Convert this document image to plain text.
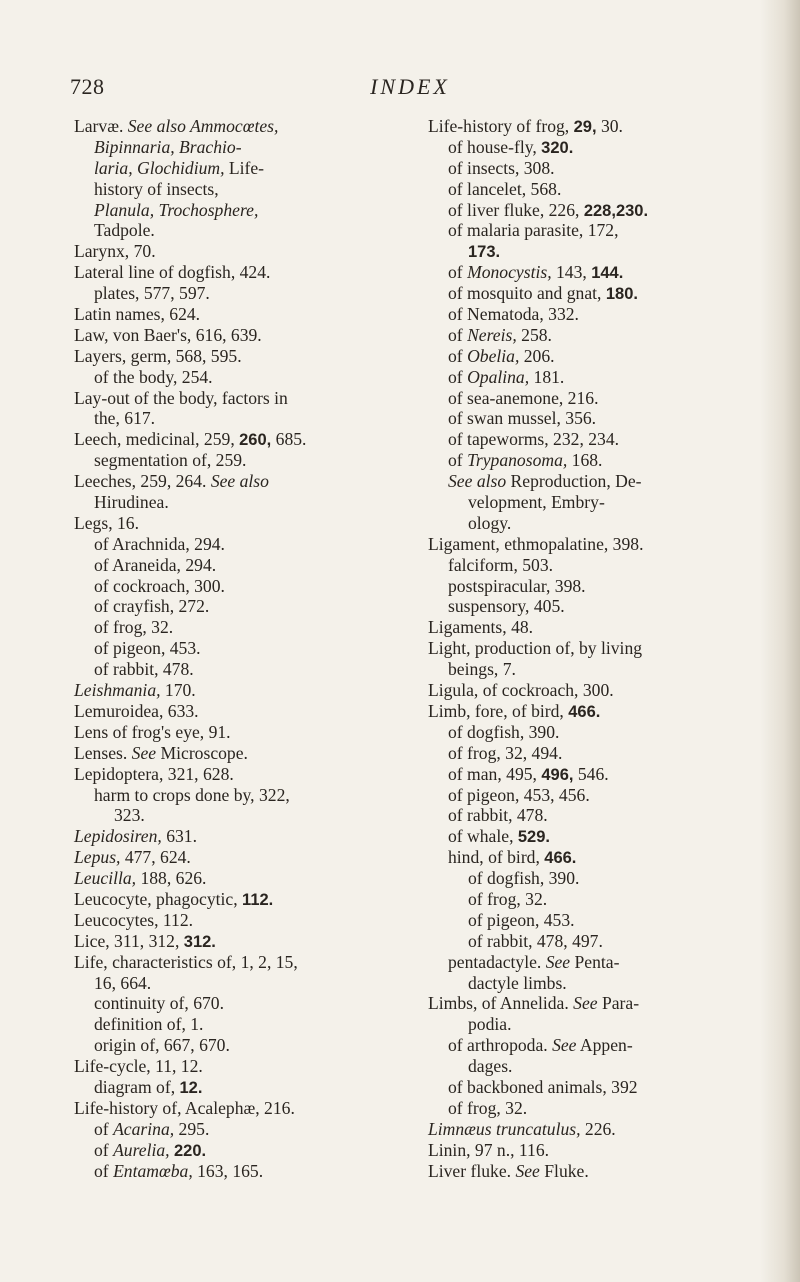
728	INDEX
Larvæ. See also Ammocœtes,
Bipinnaria, Brachio-
laria, Glochidium, Life-
history of insects,
Planula, Trochosphere,
Tadpole.
Larynx, 70.
Lateral line of dogfish, 424.
plates, 577, 597.
Latin names, 624.
Law, von Baer's, 616, 639.
Layers, germ, 568, 595.
of the body, 254.
Lay-out of the body, factors in
the, 617.
Leech, medicinal, 259, 260, 685.
segmentation of, 259.
Leeches, 259, 264. See also
Hirudinea.
Legs, 16.
of Arachnida, 294.
of Araneida, 294.
of cockroach, 300.
of crayfish, 272.
of frog, 32.
of pigeon, 453.
of rabbit, 478.
Leishmania, 170.
Lemuroidea, 633.
Lens of frog's eye, 91.
Lenses. See Microscope.
Lepidoptera, 321, 628.
harm to crops done by, 322,
323.
Lepidosiren, 631.
Lepus, 477, 624.
Leucilla, 188, 626.
Leucocyte, phagocytic, 112.
Leucocytes, 112.
Lice, 311, 312, 312.
Life, characteristics of, 1, 2, 15,
16, 664.
continuity of, 670.
definition of, 1.
origin of, 667, 670.
Life-cycle, 11, 12.
diagram of, 12.
Life-history of, Acalephæ, 216.
of Acarina, 295.
of Aurelia, 220.
of Entamœba, 163, 165.
Life-history of frog, 29, 30.
of house-fly, 320.
of insects, 308.
of lancelet, 568.
of liver fluke, 226, 228,230.
of malaria parasite, 172,
173.
of Monocystis, 143, 144.
of mosquito and gnat, 180.
of Nematoda, 332.
of Nereis, 258.
of Obelia, 206.
of Opalina, 181.
of sea-anemone, 216.
of swan mussel, 356.
of tapeworms, 232, 234.
of Trypanosoma, 168.
See also Reproduction, De-
velopment, Embry-
ology.
Ligament, ethmopalatine, 398.
falciform, 503.
postspiracular, 398.
suspensory, 405.
Ligaments, 48.
Light, production of, by living
beings, 7.
Ligula, of cockroach, 300.
Limb, fore, of bird, 466.
of dogfish, 390.
of frog, 32, 494.
of man, 495, 496, 546.
of pigeon, 453, 456.
of rabbit, 478.
of whale, 529.
hind, of bird, 466.
of dogfish, 390.
of frog, 32.
of pigeon, 453.
of rabbit, 478, 497.
pentadactyle. See Penta-
dactyle limbs.
Limbs, of Annelida. See Para-
podia.
of arthropoda. See Appen-
dages.
of backboned animals, 392
of frog, 32.
Limnæus truncatulus, 226.
Linin, 97 n., 116.
Liver fluke. See Fluke.
